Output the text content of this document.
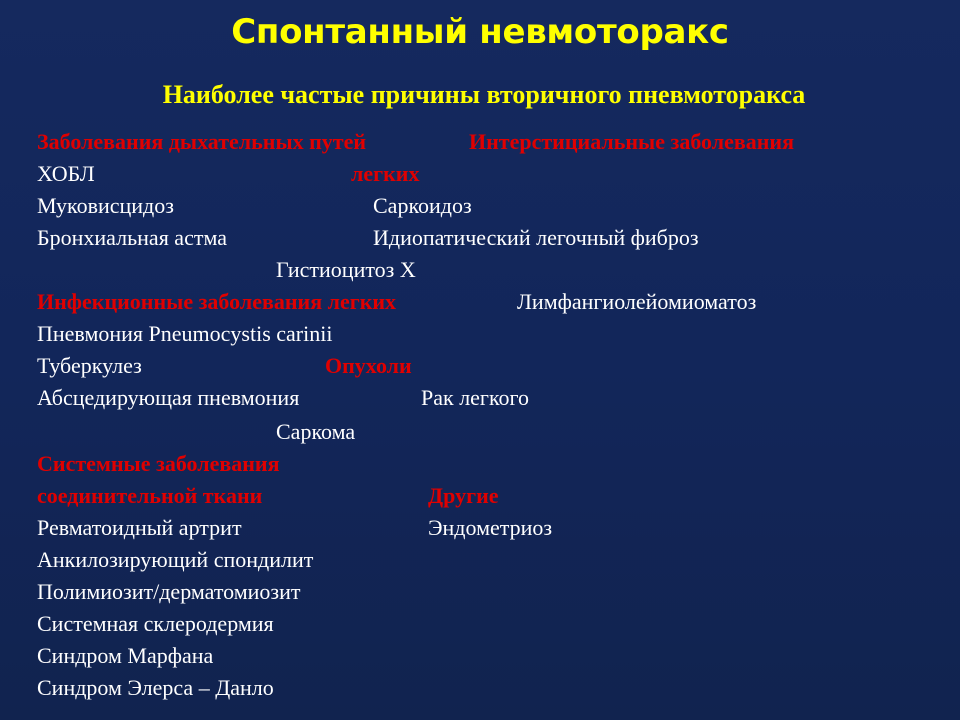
Спонтанный невмоторакс
Наиболее частые причины вторичного пневмоторакса
Заболевания дыхательных путей
ХОБЛ
Муковисцидоз
Бронхиальная астма
Интерстициальные заболевания
легких
Саркоидоз
Идиопатический легочный фиброз
Гистиоцитоз Х
Лимфангиолейомиоматоз
Инфекционные заболевания легких
Пневмония Pneumocystis carinii
Туберкулез
Абсцедирующая пневмония
Опухоли
Рак легкого
Саркома
Системные заболевания
соединительной ткани
Ревматоидный артрит
Анкилозирующий спондилит
Полимиозит/дерматомиозит
Системная склеродермия
Синдром Марфана
Синдром Элерса – Данло
Другие
Эндометриоз
